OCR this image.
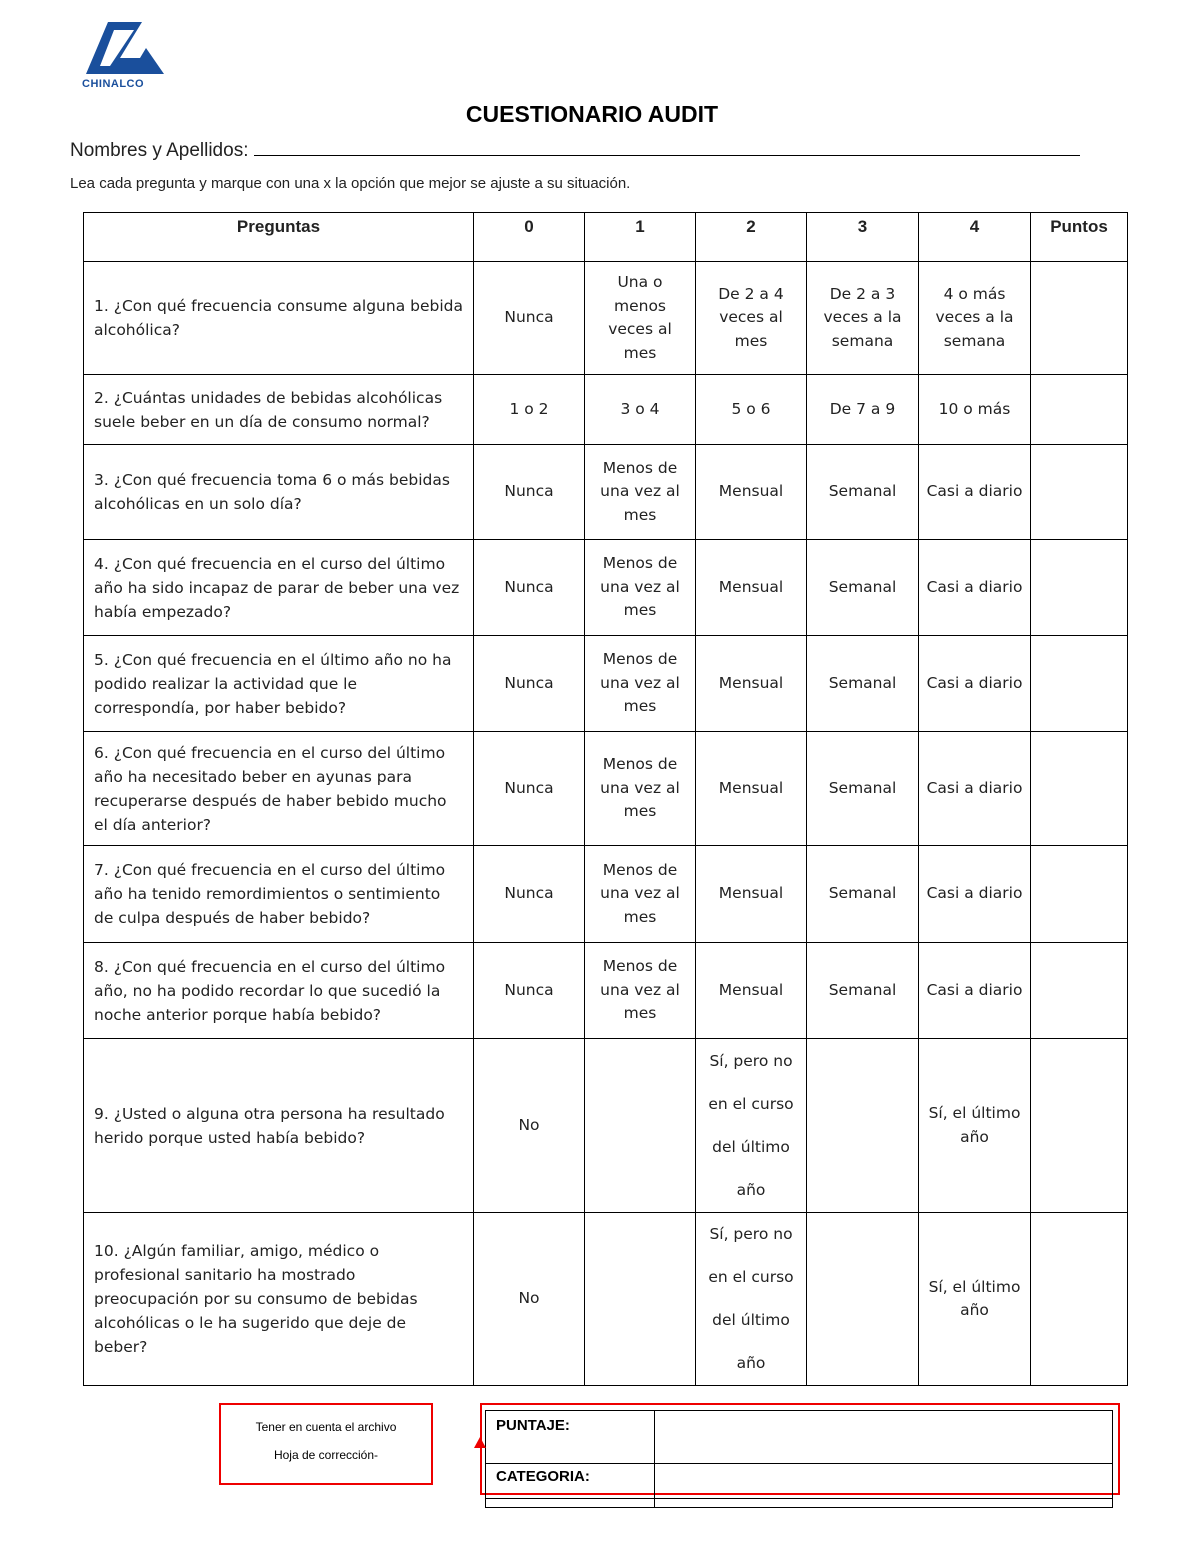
CHINALCO
CUESTIONARIO AUDIT
Nombres y Apellidos:
Lea cada pregunta y marque con una x la opción que mejor se ajuste a su situación.
Preguntas	0	1	2	3	4	Puntos
1. ¿Con qué frecuencia consume alguna bebida alcohólica?	Nunca	Una o menos veces al mes	De 2 a 4 veces al mes	De 2 a 3 veces a la semana	4 o más veces a la semana	
2. ¿Cuántas unidades de bebidas alcohólicas suele beber en un día de consumo normal?	1 o 2	3 o 4	5 o 6	De 7 a 9	10 o más	
3. ¿Con qué frecuencia toma 6 o más bebidas alcohólicas en un solo día?	Nunca	Menos de una vez al mes	Mensual	Semanal	Casi a diario	
4. ¿Con qué frecuencia en el curso del último año ha sido incapaz de parar de beber una vez había empezado?	Nunca	Menos de una vez al mes	Mensual	Semanal	Casi a diario	
5. ¿Con qué frecuencia en el último año no ha podido realizar la actividad que le correspondía, por haber bebido?	Nunca	Menos de una vez al mes	Mensual	Semanal	Casi a diario	
6. ¿Con qué frecuencia en el curso del último año ha necesitado beber en ayunas para recuperarse después de haber bebido mucho el día anterior?	Nunca	Menos de una vez al mes	Mensual	Semanal	Casi a diario	
7. ¿Con qué frecuencia en el curso del último año ha tenido remordimientos o sentimiento de culpa después de haber bebido?	Nunca	Menos de una vez al mes	Mensual	Semanal	Casi a diario	
8. ¿Con qué frecuencia en el curso del último año, no ha podido recordar lo que sucedió la noche anterior porque había bebido?	Nunca	Menos de una vez al mes	Mensual	Semanal	Casi a diario	
9. ¿Usted o alguna otra persona ha resultado herido porque usted había bebido?	No		Sí, pero no en el curso del último año		Sí, el último año	
10. ¿Algún familiar, amigo, médico o profesional sanitario ha mostrado preocupación por su consumo de bebidas alcohólicas o le ha sugerido que deje de beber?	No		Sí, pero no en el curso del último año		Sí, el último año	
Tener en cuenta el archivo
Hoja de corrección-
PUNTAJE:	
CATEGORIA:	
